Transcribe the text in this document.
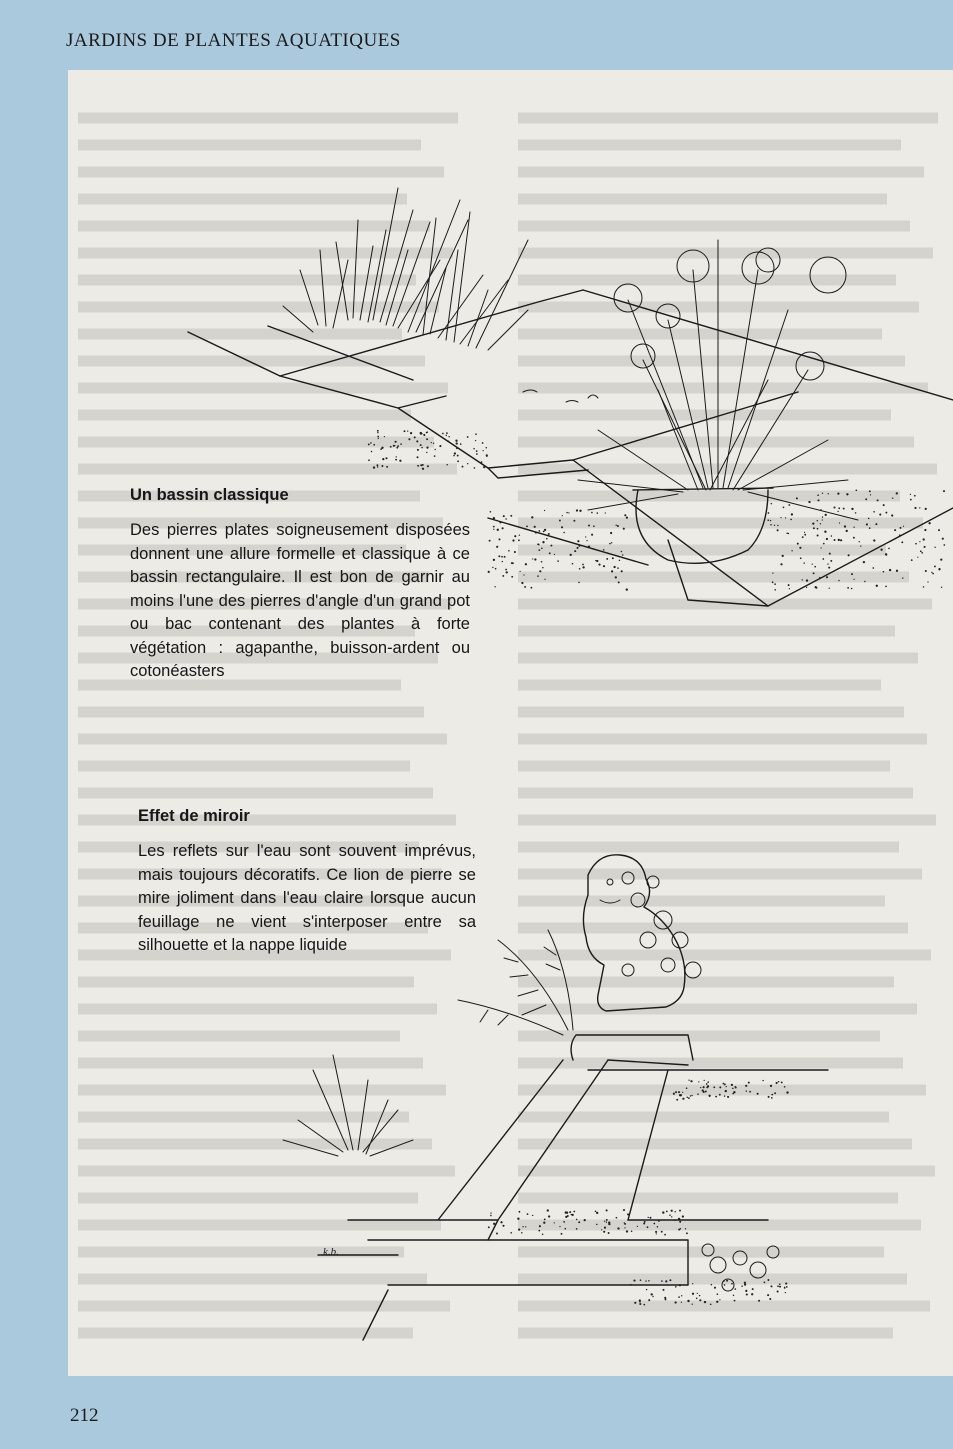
JARDINS DE PLANTES AQUATIQUES
k.b.
Un bassin classique

Des pierres plates soigneusement disposées donnent une allure formelle et classique à ce bassin rectangulaire. Il est bon de garnir au moins l'une des pierres d'angle d'un grand pot ou bac contenant des plantes à forte végétation : agapanthe, buisson-ardent ou cotonéasters

Effet de miroir

Les reflets sur l'eau sont souvent imprévus, mais toujours décoratifs. Ce lion de pierre se mire joliment dans l'eau claire lorsque aucun feuillage ne vient s'interposer entre sa silhouette et la nappe liquide

212
